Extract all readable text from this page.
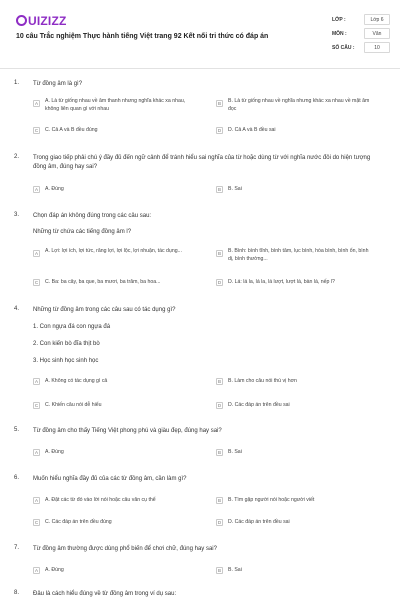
UIZIZZ
10 câu Trắc nghiệm Thực hành tiếng Việt trang 92 Kết nối tri thức có đáp án
LỚP :	Lớp 6
MÔN :	Văn
SỐ CÂU :	10
1. Từ đồng âm là gì?
A	A. Là từ giống nhau về âm thanh nhưng nghĩa khác xa nhau, không liên quan gì với nhau
B	B. Là từ giống nhau về nghĩa nhưng khác xa nhau về mặt âm đọc
C	C. Cả A và B đều đúng	D	D. Cả A và B đều sai
2. Trong giao tiếp phải chú ý đầy đủ đến ngữ cảnh để tránh hiểu sai nghĩa của từ hoặc dùng từ với nghĩa nước đôi do hiện tượng đồng âm, đúng hay sai?
A	A. Đúng	B	B. Sai
3. Chọn đáp án không đúng trong các câu sau:
Những từ chứa các tiếng đồng âm l?
A	A. Lợi: lợi ích, lợi tức, răng lợi, lợi lộc, lợi nhuận, tác dụng...	B	B. Bình: bình tĩnh, bình tâm, lục bình, hòa bình, bình ổn, bình dị, bình thường...
C	C. Ba: ba cây, ba que, ba mươi, ba trăm, ba hoa...	D	D. Lá: lá la, lá la, lá lượt, lượt lá, bàn lá, nếp l?
4. Những từ đồng âm trong các câu sau có tác dụng gì?
1. Con ngựa đá con ngựa đá
2. Con kiến bò đĩa thịt bò
3. Học sinh học sinh học
A	A. Không có tác dụng gì cả	B	B. Làm cho câu nói thú vị hơn
C	C. Khiến câu nói dễ hiểu	D	D. Các đáp án trên đều sai
5. Từ đồng âm cho thấy Tiếng Việt phong phú và giàu đẹp, đúng hay sai?
A	A. Đúng	B	B. Sai
6. Muốn hiểu nghĩa đầy đủ của các từ đồng âm, cần làm gì?
A	A. Đặt các từ đó vào lời nói hoặc câu văn cụ thể	B	B. Tìm gặp người nói hoặc người viết
C	C. Các đáp án trên đều đúng	D	D. Các đáp án trên đều sai
7. Từ đồng âm thường được dùng phổ biến để chơi chữ, đúng hay sai?
A	A. Đúng	B	B. Sai
8. Đâu là cách hiểu đúng về từ đồng âm trong ví dụ sau:
